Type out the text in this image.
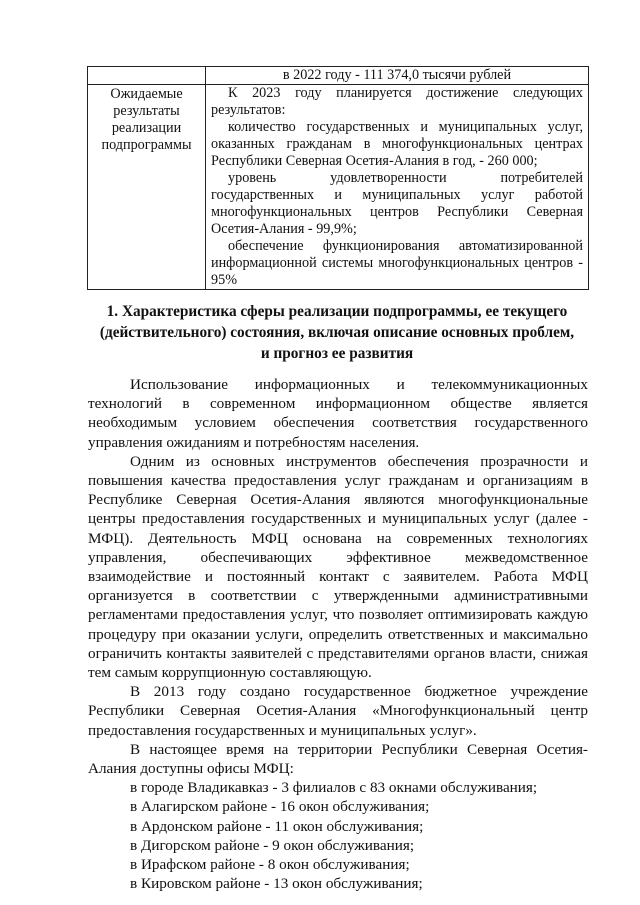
	в 2022 году - 111 374,0 тысячи рублей

Ожидаемые результаты реализации подпрограммы	К 2023 году планируется достижение следующих результатов:

количество государственных и муниципальных услуг, оказанных гражданам в многофункциональных центрах Республики Северная Осетия-Алания в год, - 260 000;

уровень удовлетворенности потребителей государственных и муниципальных услуг работой многофункциональных центров Республики Северная Осетия-Алания - 99,9%;

обеспечение функционирования автоматизированной информационной системы многофункциональных центров - 95%

1. Характеристика сферы реализации подпрограммы, ее текущего (действительного) состояния, включая описание основных проблем, и прогноз ее развития

Использование информационных и телекоммуникационных технологий в современном информационном обществе является необходимым условием обеспечения соответствия государственного управления ожиданиям и потребностям населения.

Одним из основных инструментов обеспечения прозрачности и повышения качества предоставления услуг гражданам и организациям в Республике Северная Осетия-Алания являются многофункциональные центры предоставления государственных и муниципальных услуг (далее - МФЦ). Деятельность МФЦ основана на современных технологиях управления, обеспечивающих эффективное межведомственное взаимодействие и постоянный контакт с заявителем. Работа МФЦ организуется в соответствии с утвержденными административными регламентами предоставления услуг, что позволяет оптимизировать каждую процедуру при оказании услуги, определить ответственных и максимально ограничить контакты заявителей с представителями органов власти, снижая тем самым коррупционную составляющую.

В 2013 году создано государственное бюджетное учреждение Республики Северная Осетия-Алания «Многофункциональный центр предоставления государственных и муниципальных услуг».

В настоящее время на территории Республики Северная Осетия-Алания доступны офисы МФЦ:

в городе Владикавказ - 3 филиалов с 83 окнами обслуживания;

в Алагирском районе - 16 окон обслуживания;

в Ардонском районе - 11 окон обслуживания;

в Дигорском районе - 9 окон обслуживания;

в Ирафском районе - 8 окон обслуживания;

в Кировском районе - 13 окон обслуживания;
